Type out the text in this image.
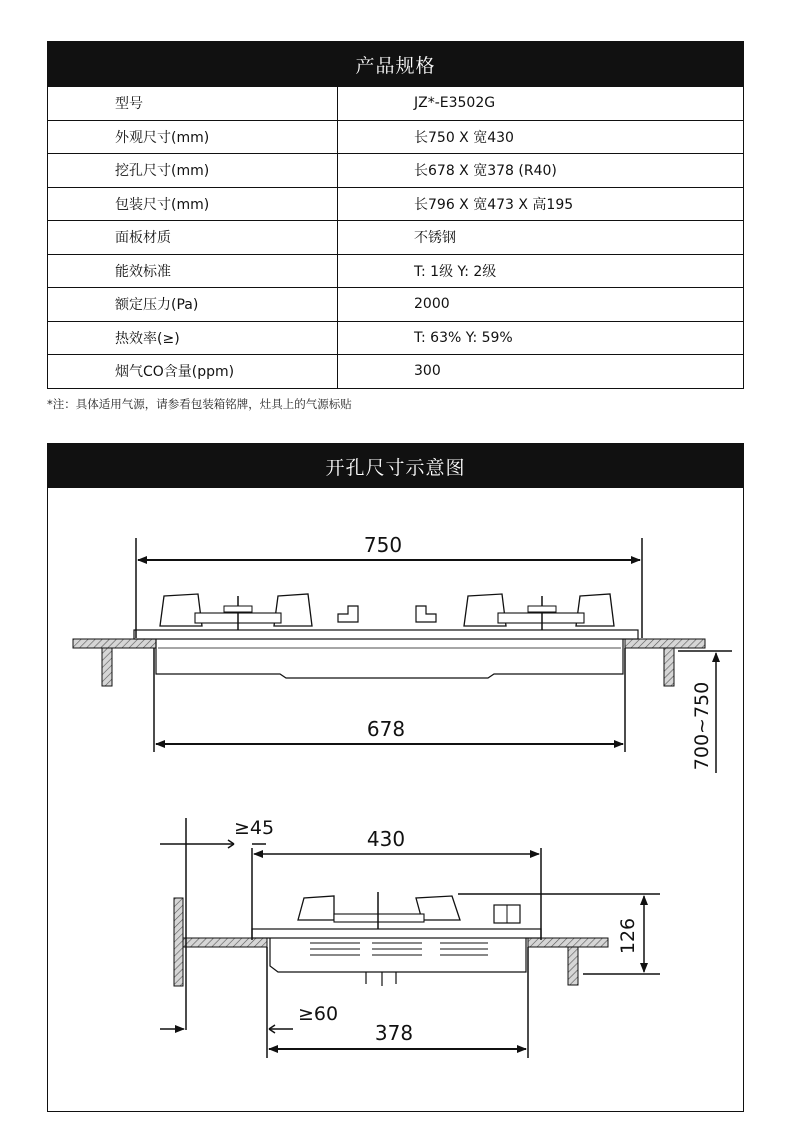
产品规格
型号	JZ*-E3502G
外观尺寸(mm)	长750 X 宽430
挖孔尺寸(mm)	长678 X 宽378 (R40)
包装尺寸(mm)	长796 X 宽473 X 高195
面板材质	不锈钢
能效标准	T: 1级 Y: 2级
额定压力(Pa)	2000
热效率(≥)	T: 63% Y: 59%
烟气CO含量(ppm)	300
*注：具体适用气源，请参看包装箱铭牌，灶具上的气源标贴
开孔尺寸示意图
750
678	700~750
≥45	430
≥60
378
126
